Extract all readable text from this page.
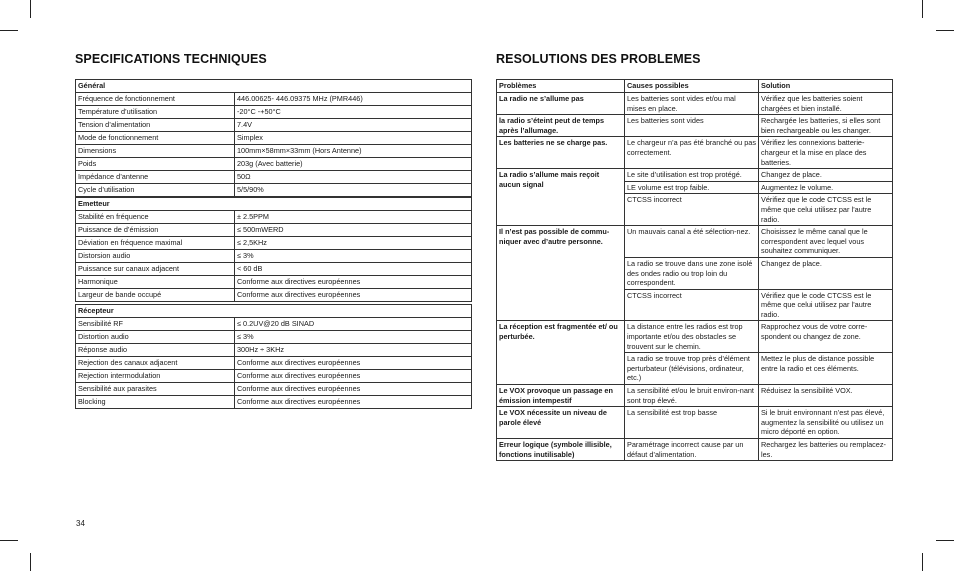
SPECIFICATIONS TECHNIQUES	RESOLUTIONS DES PROBLEMES
Général	
Fréquence de fonctionnement	446.00625- 446.09375 MHz (PMR446)
Température d’utilisation	-20°C -+50°C
Tension d’alimentation	7.4V
Mode de fonctionnement	Simplex
Dimensions	100mm×58mm×33mm (Hors Antenne)
Poids	203g (Avec batterie)
Impédance d’antenne	50Ω
Cycle d’utilisation	5/5/90%
Emetteur	
Stabilité en fréquence	± 2.5PPM
Puissance de d’émission	≤ 500mWERD
Déviation en fréquence maximal	≤ 2,5KHz
Distorsion audio	≤ 3%
Puissance sur canaux adjacent	< 60 dB
Harmonique	Conforme aux directives européennes
Largeur de bande occupé	Conforme aux directives européennes
Récepteur	
Sensibilité RF	≤ 0.2UV@20 dB SINAD
Distortion audio	≤ 3%
Réponse audio	300Hz ÷ 3KHz
Rejection des canaux adjacent	Conforme aux directives européennes
Rejection intermodulation	Conforme aux directives européennes
Sensibilité aux parasites	Conforme aux directives européennes
Blocking	Conforme aux directives européennes
Problèmes	Causes possibles	Solution
La radio ne s’allume pas	Les batteries sont vides et/ou mal mises en place.	Vérifiez que les batteries soient chargées et bien installé.
la radio s’éteint peut de temps après l’allumage.	Les batteries sont vides	Rechargée les batteries, si elles sont bien rechargeable ou les changer.
Les batteries ne se charge pas.	Le chargeur n’a pas été branché ou pas correctement.	Vérifiez les connexions batterie-chargeur et la mise en place des batteries.
La radio s’allume mais reçoit aucun signal	Le site d’utilisation est trop protégé.	Changez de place.
	LE volume est trop faible.	Augmentez le volume.
	CTCSS incorrect	Vérifiez que le code CTCSS est le même que celui utilisez par l’autre radio.
Il n’est pas possible de commu-niquer avec d’autre personne.	Un mauvais canal a été sélection-nez.	Choisissez le même canal que le correspondent avec lequel vous souhaitez communiquer.
	La radio se trouve dans une zone isolé des ondes radio ou trop loin du correspondent.	Changez de place.
	CTCSS incorrect	Vérifiez que le code CTCSS est le même que celui utilisez par l’autre radio.
La réception est fragmentée et/ ou perturbée.	La distance entre les radios est trop importante et/ou des obstacles se trouvent sur le chemin.	Rapprochez vous de votre corre-spondent ou changez de zone.
	La radio se trouve trop près d’élément perturbateur (télévisions, ordinateur, etc.)	Mettez le plus de distance possible entre la radio et ces éléments.
Le VOX provoque un passage en émission intempestif	La sensibilité et/ou le bruit environ-nant sont trop élevé.	Réduisez la sensibilité VOX.
Le VOX nécessite un niveau de parole élevé	La sensibilité est trop basse	Si le bruit environnant n’est pas élevé, augmentez la sensibilité ou utilisez un micro déporté en option.
Erreur logique (symbole illisible, fonctions inutilisable)	Paramétrage incorrect cause par un défaut d’alimentation.	Rechargez les batteries ou remplacez-les.
34
